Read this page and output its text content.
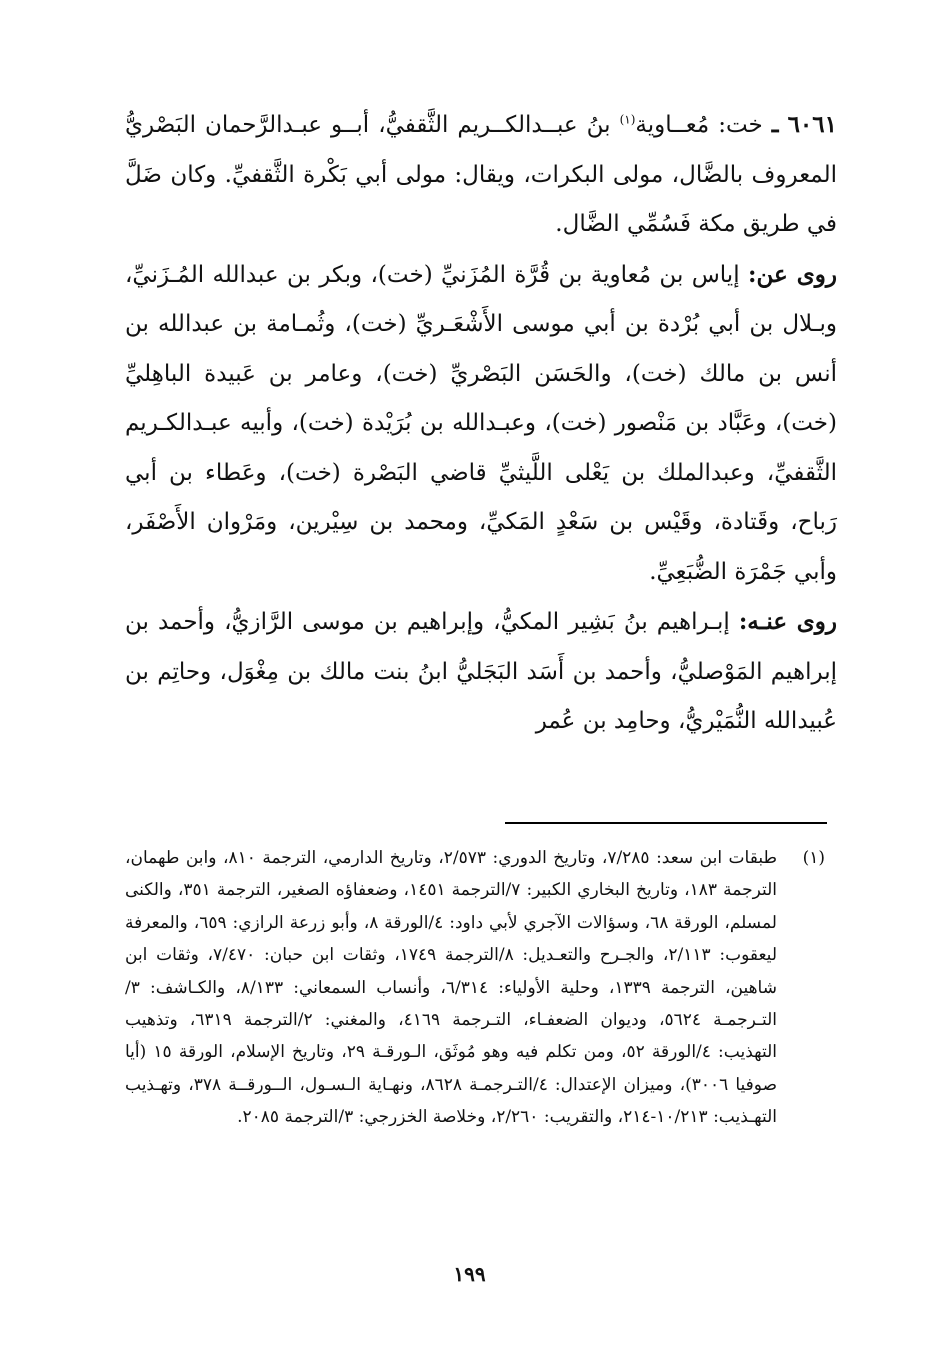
٦٠٦١ ـ خت: مُعــاوية$^{(١)}$ بنُ عبــدالكــريم الثَّقفيُّ، أبــو عبـدالرَّحمان البَصْريُّ المعروف بالضَّال، مولى البكرات، ويقال: مولى أبي بَكْرة الثَّقفيِّ. وكان ضَلَّ في طريق مكة فَسُمِّي الضَّال.

روى عن: إياس بن مُعاوية بن قُرَّة المُزَنيِّ (خت)، وبكر بن عبدالله المُـزَنيِّ، وبـلال بن أبي بُرْدة بن أبي موسى الأَشْعَـريِّ (خت)، وثُمـامة بن عبدالله بن أنس بن مالك (خت)، والحَسَن البَصْريِّ (خت)، وعامر بن عَبيدة الباهِليِّ (خت)، وعَبَّاد بن مَنْصور (خت)، وعبـدالله بن بُرَيْدة (خت)، وأبيه عبـدالكـريم الثَّقفيِّ، وعبدالملك بن يَعْلى اللَّيثيِّ قاضي البَصْرة (خت)، وعَطاء بن أبي رَباح، وقَتادة، وقَيْس بن سَعْدٍ المَكيِّ، ومحمد بن سِيْرين، ومَرْوان الأَصْفَر، وأبي جَمْرَة الضُّبَعِيِّ.

روى عنـه: إبـراهيم بنُ بَشِير المكيُّ، وإبراهيم بن موسى الرَّازيُّ، وأحمد بن إبراهيم المَوْصليُّ، وأحمد بن أَسَد البَجَليُّ ابنُ بنت مالك بن مِغْوَل، وحاتِم بن عُبيدالله النُّمَيْريُّ، وحامِد بن عُمر

(١)
طبقات ابن سعد: ٧/٢٨٥، وتاريخ الدوري: ٢/٥٧٣، وتاريخ الدارمي، الترجمة ٨١٠، وابن طهمان، الترجمة ١٨٣، وتاريخ البخاري الكبير: ٧/الترجمة ١٤٥١، وضعفاؤه الصغير، الترجمة ٣٥١، والكنى لمسلم، الورقة ٦٨، وسؤالات الآجري لأبي داود: ٤/الورقة ٨، وأبو زرعة الرازي: ٦٥٩، والمعرفة ليعقوب: ٢/١١٣، والجـرح والتعـديل: ٨/الترجمة ١٧٤٩، وثقات ابن حبان: ٧/٤٧٠، وثقات ابن شاهين، الترجمة ١٣٣٩، وحلية الأولياء: ٦/٣١٤، وأنساب السمعاني: ٨/١٣٣، والكـاشف: ٣/التـرجمـة ٥٦٢٤، وديوان الضعفـاء، التـرجمة ٤١٦٩، والمغني: ٢/الترجمة ٦٣١٩، وتذهيب التهذيب: ٤/الورقة ٥٢، ومن تكلم فيه وهو مُوثَق، الـورقـة ٢٩، وتاريخ الإسلام، الورقة ١٥ (أيا صوفيا ٣٠٠٦)، وميزان الإعتدال: ٤/التـرجمـة ٨٦٢٨، ونهـاية الـسـول، الــورقــة ٣٧٨، وتهـذيب التهـذيب: ١٠/٢١٣-٢١٤، والتقريب: ٢/٢٦٠، وخلاصة الخزرجي: ٣/الترجمة ٢٠٨٥.
١٩٩
